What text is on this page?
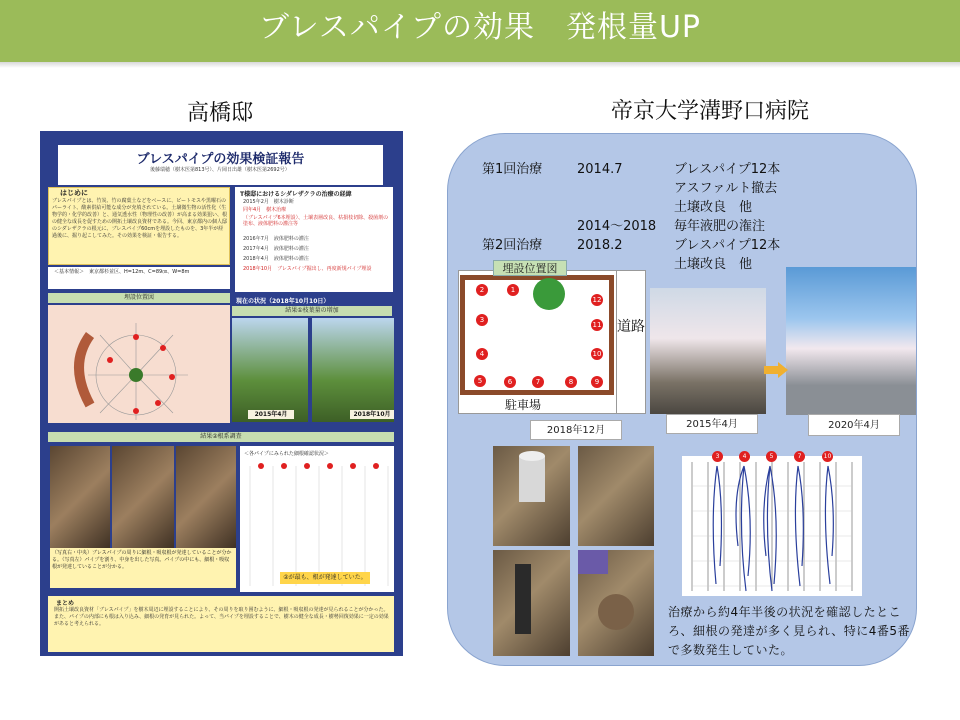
ブレスパイプの効果　発根量UP
高橋邸	帝京大学溝野口病院
ブレスパイプの効果検証報告
後藤瑞穂（樹木医第813号）、片岡日出雄（樹木医第2692号）
はじめに
ブレスパイプとは、竹炭、竹の腐葉土などをベースに、ピートモスや黒曜石のパーライト、酸素供給可能な成分が充填されている。土壌微生物の活性化（生物学的・化学的改善）と、通気透水性（物理性の改善）が高まる効果狙い、根の健全な成長を促すための開拓土壌改良資材である。今回、東京都内の個人邸のシダレザクラの根元に、ブレスパイプ60cmを埋設したものを、3年半が経過後に、掘り起こしてみた。その効果を検証・報告する。
T様邸におけるシダレザクラの治療の経緯
2015年2月　樹木診断
同年4月　樹木治療
（ブレスパイプ6本埋設）、土壌表層改良、枯損枝切除、殺菌剤の塗布、液体肥料の灌注等
2016年7月　液体肥料の灌注
2017年4月　液体肥料の灌注
2018年4月　液体肥料の灌注
2018年10月　ブレスパイプ掘出し、再度新規パイプ埋設
＜基本情報＞　東京都杉並区、H=12m、C=89㎝、W=8m
埋設位置図
現在の状況（2018年10月10日）
結果①枝葉量の増加
2015年4月	2018年10月
結果②根系調査
＜各パイプにみられた細根確認状況＞
（写真右・中央）ブレスパイプの周りに細根・吸収根が発達していることが分かる。（写真左）パイプを割り、中身を出した写真。パイプの中にも、細根・吸収根が発達していることが分かる。
②が最も、根が発達していた。
まとめ
開拓土壌改良資材「ブレスパイプ」を樹木周辺に埋設することにより、その周りを取り囲むように、細根・吸収根の発達が見られることが分かった。また、パイプの内部にも根は入り込み、細根の発育が見られた。よって、当パイプを埋設することで、樹木の健全な成長・樹勢回復効果に一定の効果があると考えられる。
第1回治療	2014.7	ブレスパイプ12本
アスファルト撤去
土壌改良　他
2014～2018 毎年液肥の潅注
第2回治療	2018.2	ブレスパイプ12本
土壌改良　他
道路
駐車場
埋設位置図
1
2
3
4
5	6	7	8	9
10
11
12
2018年12月
2015年4月	2020年4月
3	4	5	7	10
治療から約4年半後の状況を確認したところ、細根の発達が多く見られ、特に4番5番で多数発生していた。
